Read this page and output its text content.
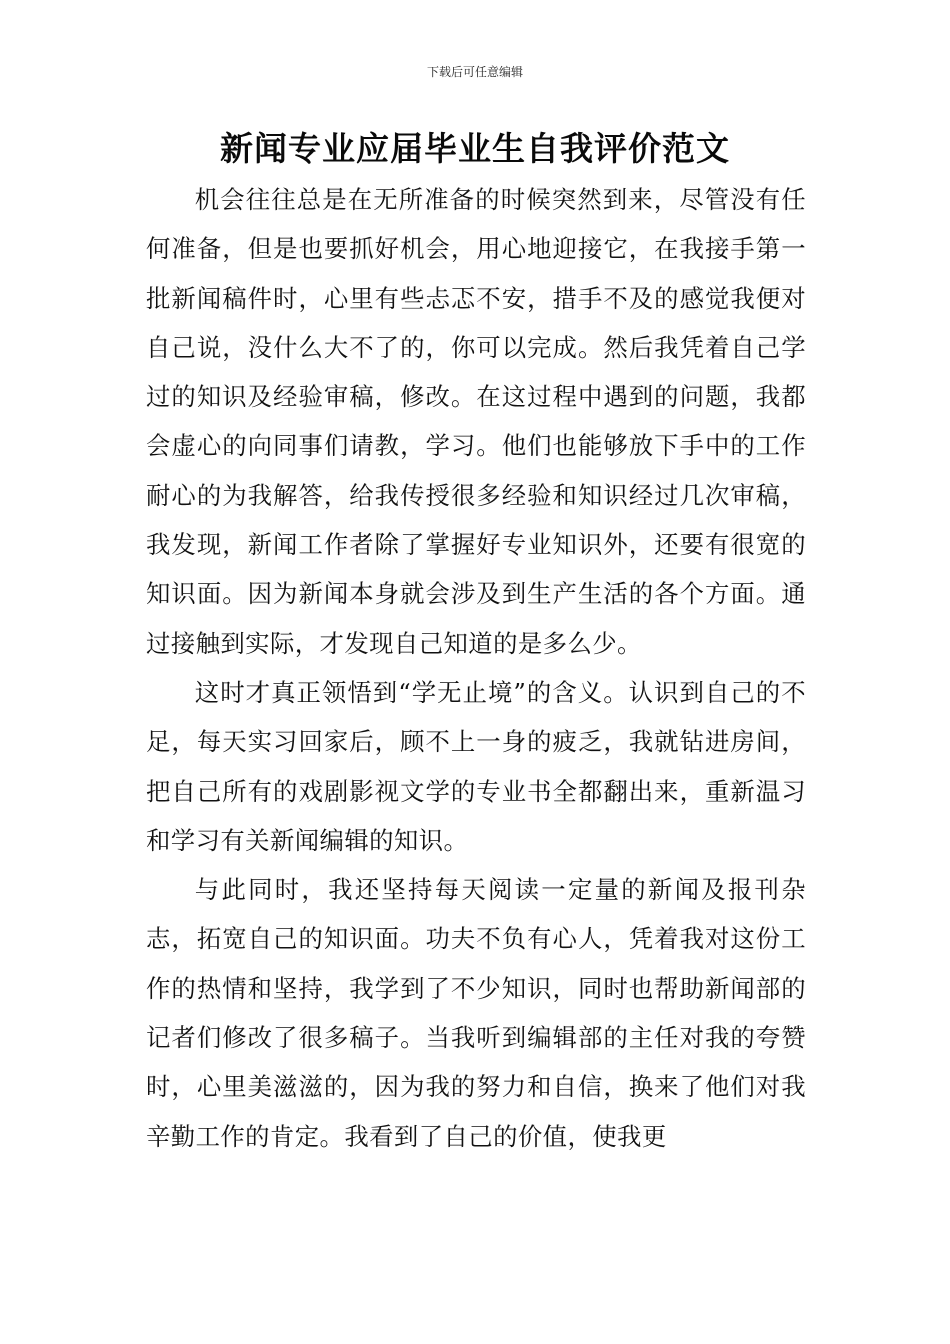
下载后可任意编辑
新闻专业应届毕业生自我评价范文

机会往往总是在无所准备的时候突然到来，尽管没有任何准备，但是也要抓好机会，用心地迎接它，在我接手第一批新闻稿件时，心里有些忐忑不安，措手不及的感觉我便对自己说，没什么大不了的，你可以完成。然后我凭着自己学过的知识及经验审稿，修改。在这过程中遇到的问题，我都会虚心的向同事们请教，学习。他们也能够放下手中的工作耐心的为我解答，给我传授很多经验和知识经过几次审稿，我发现，新闻工作者除了掌握好专业知识外，还要有很宽的知识面。因为新闻本身就会涉及到生产生活的各个方面。通过接触到实际，才发现自己知道的是多么少。

这时才真正领悟到“学无止境”的含义。认识到自己的不足，每天实习回家后，顾不上一身的疲乏，我就钻进房间，把自己所有的戏剧影视文学的专业书全都翻出来，重新温习和学习有关新闻编辑的知识。

与此同时，我还坚持每天阅读一定量的新闻及报刊杂志，拓宽自己的知识面。功夫不负有心人，凭着我对这份工作的热情和坚持，我学到了不少知识，同时也帮助新闻部的记者们修改了很多稿子。当我听到编辑部的主任对我的夸赞时，心里美滋滋的，因为我的努力和自信，换来了他们对我辛勤工作的肯定。我看到了自己的价值，使我更
